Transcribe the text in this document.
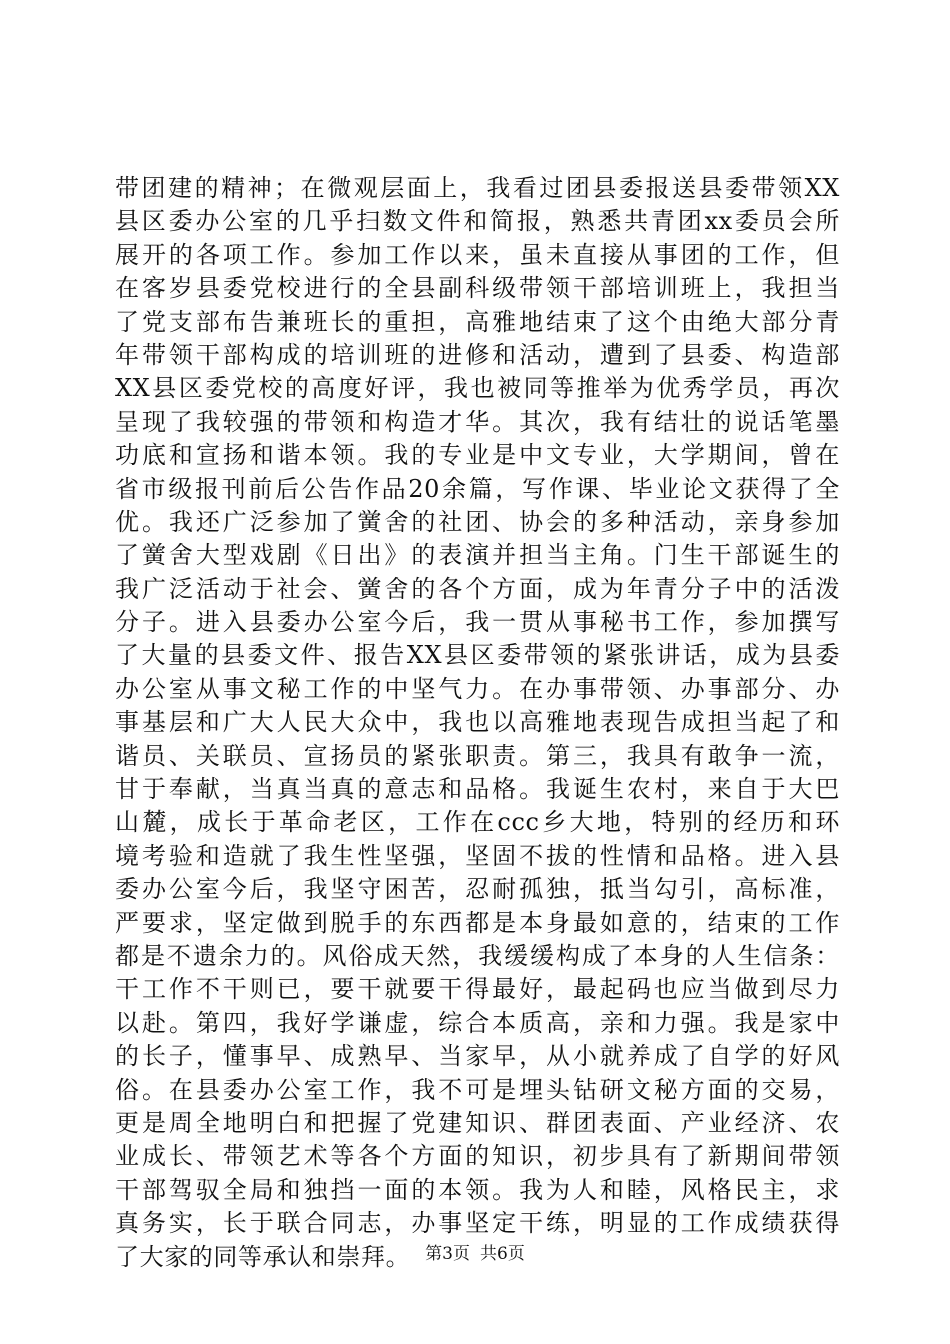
带团建的精神；在微观层面上，我看过团县委报送县委带领XX
县区委办公室的几乎扫数文件和简报，熟悉共青团xx委员会所
展开的各项工作。参加工作以来，虽未直接从事团的工作，但
在客岁县委党校进行的全县副科级带领干部培训班上，我担当
了党支部布告兼班长的重担，高雅地结束了这个由绝大部分青
年带领干部构成的培训班的进修和活动，遭到了县委、构造部
XX县区委党校的高度好评，我也被同等推举为优秀学员，再次
呈现了我较强的带领和构造才华。其次，我有结壮的说话笔墨
功底和宣扬和谐本领。我的专业是中文专业，大学期间，曾在
省市级报刊前后公告作品20余篇，写作课、毕业论文获得了全
优。我还广泛参加了黉舍的社团、协会的多种活动，亲身参加
了黉舍大型戏剧《日出》的表演并担当主角。门生干部诞生的
我广泛活动于社会、黉舍的各个方面，成为年青分子中的活泼
分子。进入县委办公室今后，我一贯从事秘书工作，参加撰写
了大量的县委文件、报告XX县区委带领的紧张讲话，成为县委
办公室从事文秘工作的中坚气力。在办事带领、办事部分、办
事基层和广大人民大众中，我也以高雅地表现告成担当起了和
谐员、关联员、宣扬员的紧张职责。第三，我具有敢争一流，
甘于奉献，当真当真的意志和品格。我诞生农村，来自于大巴
山麓，成长于革命老区，工作在ccc乡大地，特别的经历和环
境考验和造就了我生性坚强，坚固不拔的性情和品格。进入县
委办公室今后，我坚守困苦，忍耐孤独，抵当勾引，高标准，
严要求，坚定做到脱手的东西都是本身最如意的，结束的工作
都是不遗余力的。风俗成天然，我缓缓构成了本身的人生信条：
干工作不干则已，要干就要干得最好，最起码也应当做到尽力
以赴。第四，我好学谦虚，综合本质高，亲和力强。我是家中
的长子，懂事早、成熟早、当家早，从小就养成了自学的好风
俗。在县委办公室工作，我不可是埋头钻研文秘方面的交易，
更是周全地明白和把握了党建知识、群团表面、产业经济、农
业成长、带领艺术等各个方面的知识，初步具有了新期间带领
干部驾驭全局和独挡一面的本领。我为人和睦，风格民主，求
真务实，长于联合同志，办事坚定干练，明显的工作成绩获得
了大家的同等承认和崇拜。 第3页 共6页
